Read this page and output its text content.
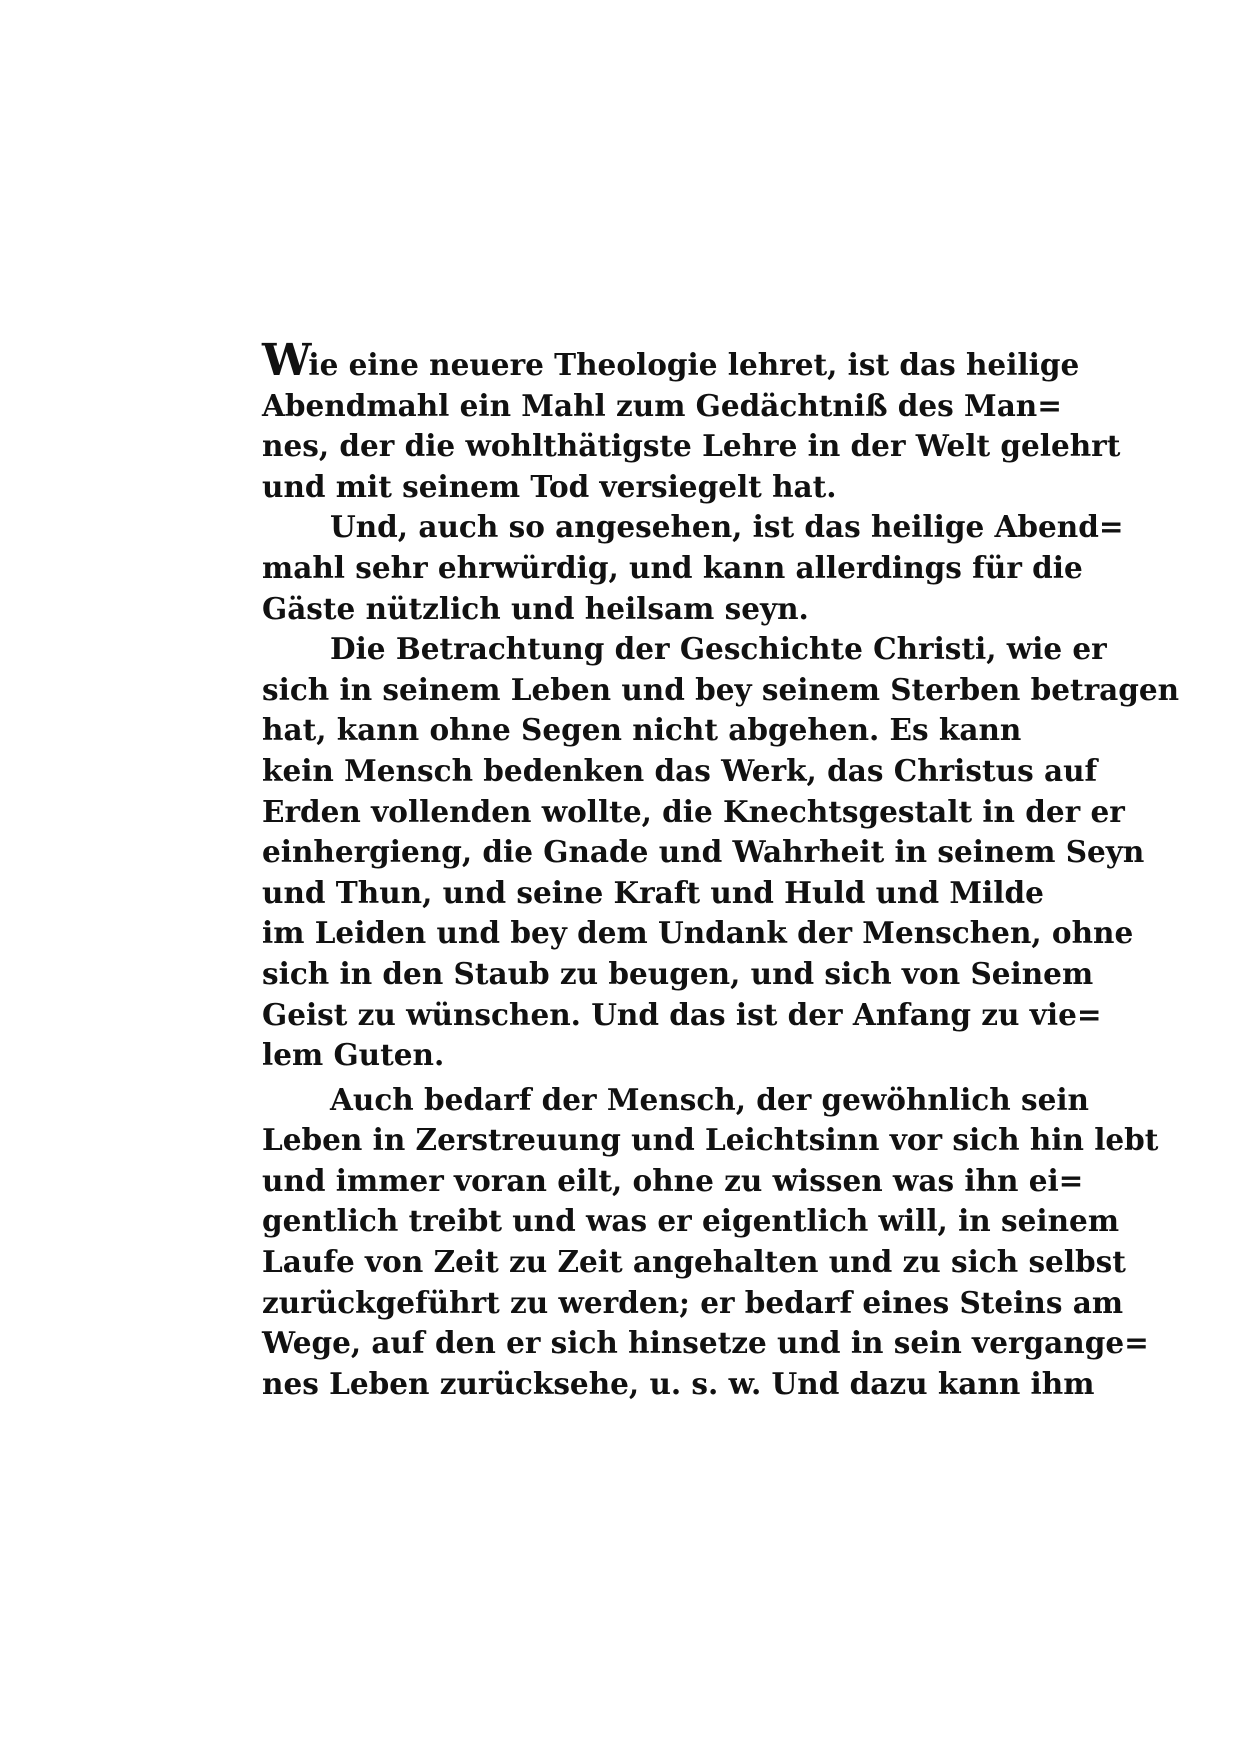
Wie eine neuere Theologie lehret, ist das heilige
Abendmahl ein Mahl zum Gedächtniß des Man=
nes, der die wohlthätigste Lehre in der Welt gelehrt
und mit seinem Tod versiegelt hat.
Und, auch so angesehen, ist das heilige Abend=
mahl sehr ehrwürdig, und kann allerdings für die
Gäste nützlich und heilsam seyn.
Die Betrachtung der Geschichte Christi, wie er
sich in seinem Leben und bey seinem Sterben betragen
hat, kann ohne Segen nicht abgehen. Es kann
kein Mensch bedenken das Werk, das Christus auf
Erden vollenden wollte, die Knechtsgestalt in der er
einhergieng, die Gnade und Wahrheit in seinem Seyn
und Thun, und seine Kraft und Huld und Milde
im Leiden und bey dem Undank der Menschen, ohne
sich in den Staub zu beugen, und sich von Seinem
Geist zu wünschen. Und das ist der Anfang zu vie=
lem Guten.
Auch bedarf der Mensch, der gewöhnlich sein
Leben in Zerstreuung und Leichtsinn vor sich hin lebt
und immer voran eilt, ohne zu wissen was ihn ei=
gentlich treibt und was er eigentlich will, in seinem
Laufe von Zeit zu Zeit angehalten und zu sich selbst
zurückgeführt zu werden; er bedarf eines Steins am
Wege, auf den er sich hinsetze und in sein vergange=
nes Leben zurücksehe, u. s. w. Und dazu kann ihm
